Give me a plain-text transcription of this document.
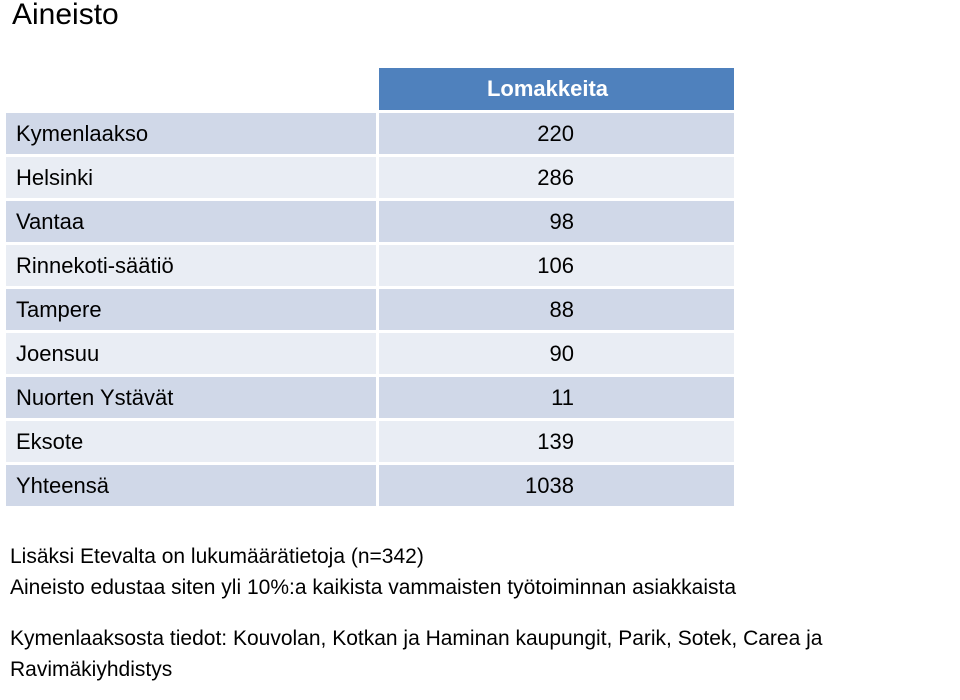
Aineisto
	Lomakkeita
Kymenlaakso	220
Helsinki	286
Vantaa	98
Rinnekoti-säätiö	106
Tampere	88
Joensuu	90
Nuorten Ystävät	11
Eksote	139
Yhteensä	1038

Lisäksi Etevalta on lukumäärätietoja (n=342)

Aineisto edustaa siten yli 10%:a kaikista vammaisten työtoiminnan asiakkaista

Kymenlaaksosta tiedot: Kouvolan, Kotkan ja Haminan kaupungit, Parik, Sotek, Carea ja Ravimäkiyhdistys
